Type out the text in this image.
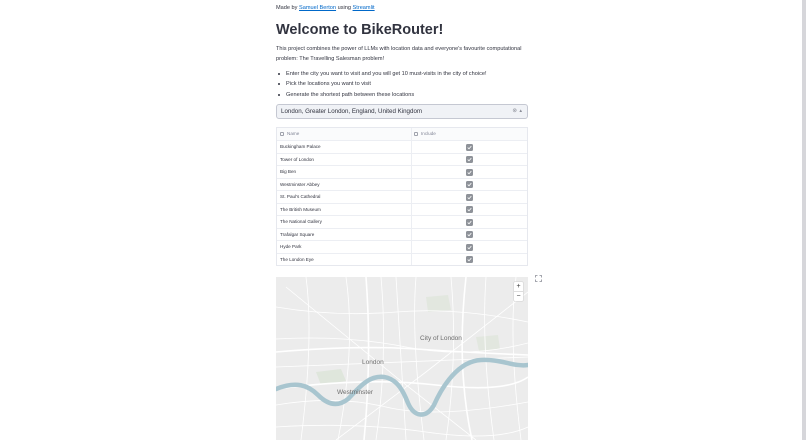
Made by Samuel Berton using Streamlit
Welcome to BikeRouter!

This project combines the power of LLMs with location data and everyone's favourite computational problem: The Travelling Salesman problem!

Enter the city you want to visit and you will get 10 must-visits in the city of choice!
Pick the locations you want to visit
Generate the shortest path between these locations
London, Greater London, England, United Kingdom	⊗ ▲
Name	Include
Buckingham Palace
Tower of London
Big Ben
Westminster Abbey
St. Paul's Cathedral
The British Museum
The National Gallery
Trafalgar Square
Hyde Park
The London Eye
City of London
London
Westminster
+
−
